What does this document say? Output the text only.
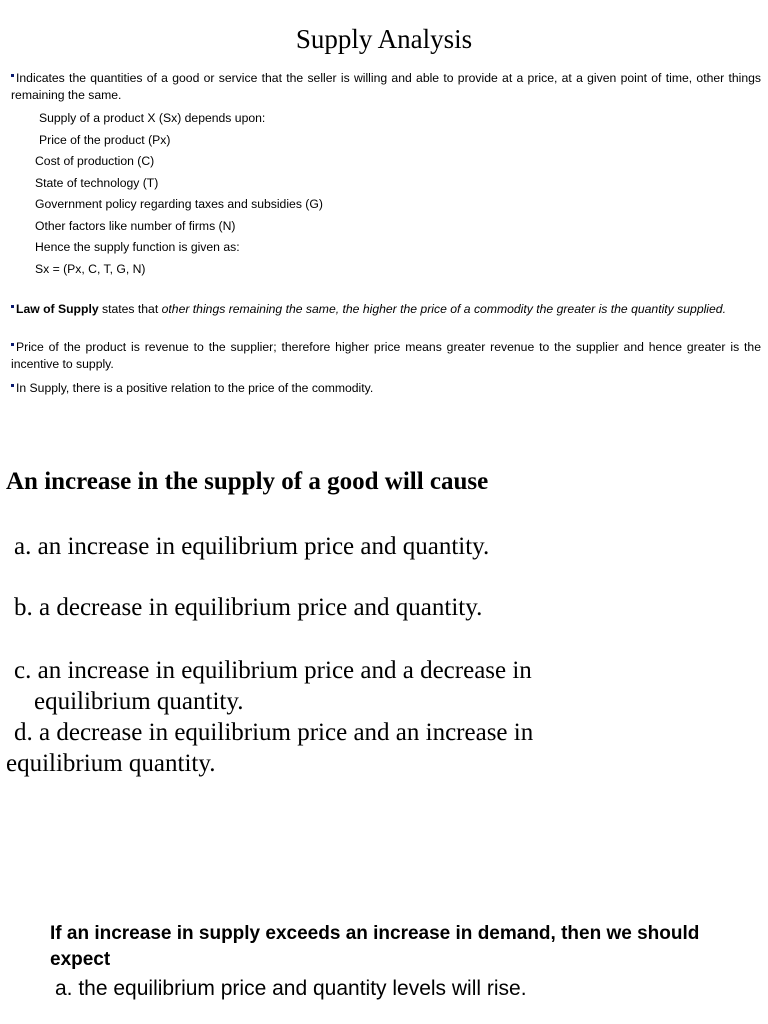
Supply Analysis
Indicates the quantities of a good or service that the seller is willing and able to provide at a price, at a given point of time, other things remaining the same.
Supply of a product X (Sx) depends upon:
Price of the product (Px)
Cost of production (C)
State of technology (T)
Government policy regarding taxes and subsidies (G)
Other factors like number of firms (N)
Hence the supply function is given as:
Sx = (Px, C, T, G, N)
Law of Supply states that other things remaining the same, the higher the price of a commodity the greater is the quantity supplied.
Price of the product is revenue to the supplier; therefore higher price means greater revenue to the supplier and hence greater is the incentive to supply.
In Supply, there is a positive relation to the price of the commodity.
An increase in the supply of a good will cause
a. an increase in equilibrium price and quantity.
b. a decrease in equilibrium price and quantity.
c. an increase in equilibrium price and a decrease in
equilibrium quantity.
d. a decrease in equilibrium price and an increase in
equilibrium quantity.
If an increase in supply exceeds an increase in demand, then we should expect
a. the equilibrium price and quantity levels will rise.
